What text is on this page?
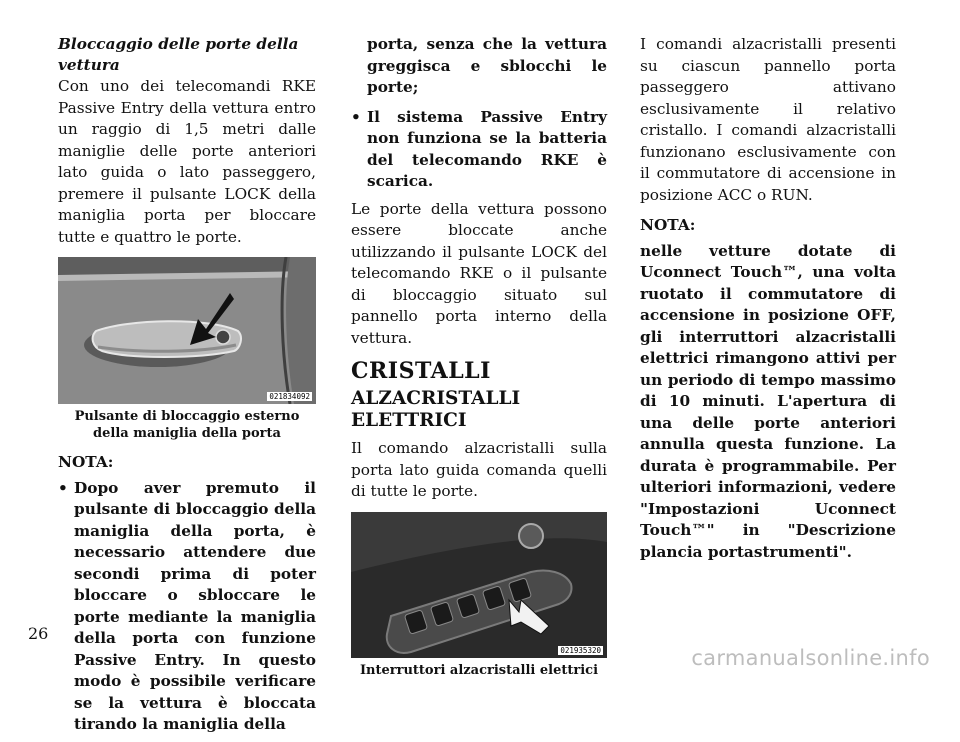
Bloccaggio delle porte della vettura

Con uno dei telecomandi RKE Passive Entry della vettura entro un raggio di 1,5 metri dalle maniglie delle porte anteriori lato guida o lato passeggero, premere il pulsante LOCK della maniglia porta per bloccare tutte e quattro le porte.

021834092
Pulsante di bloccaggio esterno della maniglia della porta

NOTA:

• Dopo aver premuto il pulsante di bloccaggio della maniglia della porta, è necessario attendere due secondi prima di poter bloccare o sbloccare le porte mediante la maniglia della porta con funzione Passive Entry. In questo modo è possibile verificare se la vettura è bloccata tirando la maniglia della
porta, senza che la vettura greggisca e sblocchi le porte;
• Il sistema Passive Entry non funziona se la batteria del telecomando RKE è scarica.

Le porte della vettura possono essere bloccate anche utilizzando il pulsante LOCK del telecomando RKE o il pulsante di bloccaggio situato sul pannello porta interno della vettura.

CRISTALLI
ALZACRISTALLI ELETTRICI

Il comando alzacristalli sulla porta lato guida comanda quelli di tutte le porte.

021935320
Interruttori alzacristalli elettrici

I comandi alzacristalli presenti su ciascun pannello porta passeggero attivano esclusivamente il relativo cristallo. I comandi alzacristalli funzionano esclusivamente con il commutatore di accensione in posizione ACC o RUN.

NOTA:

nelle vetture dotate di Uconnect Touch™, una volta ruotato il commutatore di accensione in posizione OFF, gli interruttori alzacristalli elettrici rimangono attivi per un periodo di tempo massimo di 10 minuti. L'apertura di una delle porte anteriori annulla questa funzione. La durata è programmabile. Per ulteriori informazioni, vedere "Impostazioni Uconnect Touch™" in "Descrizione plancia portastrumenti".

26
carmanualsonline.info
